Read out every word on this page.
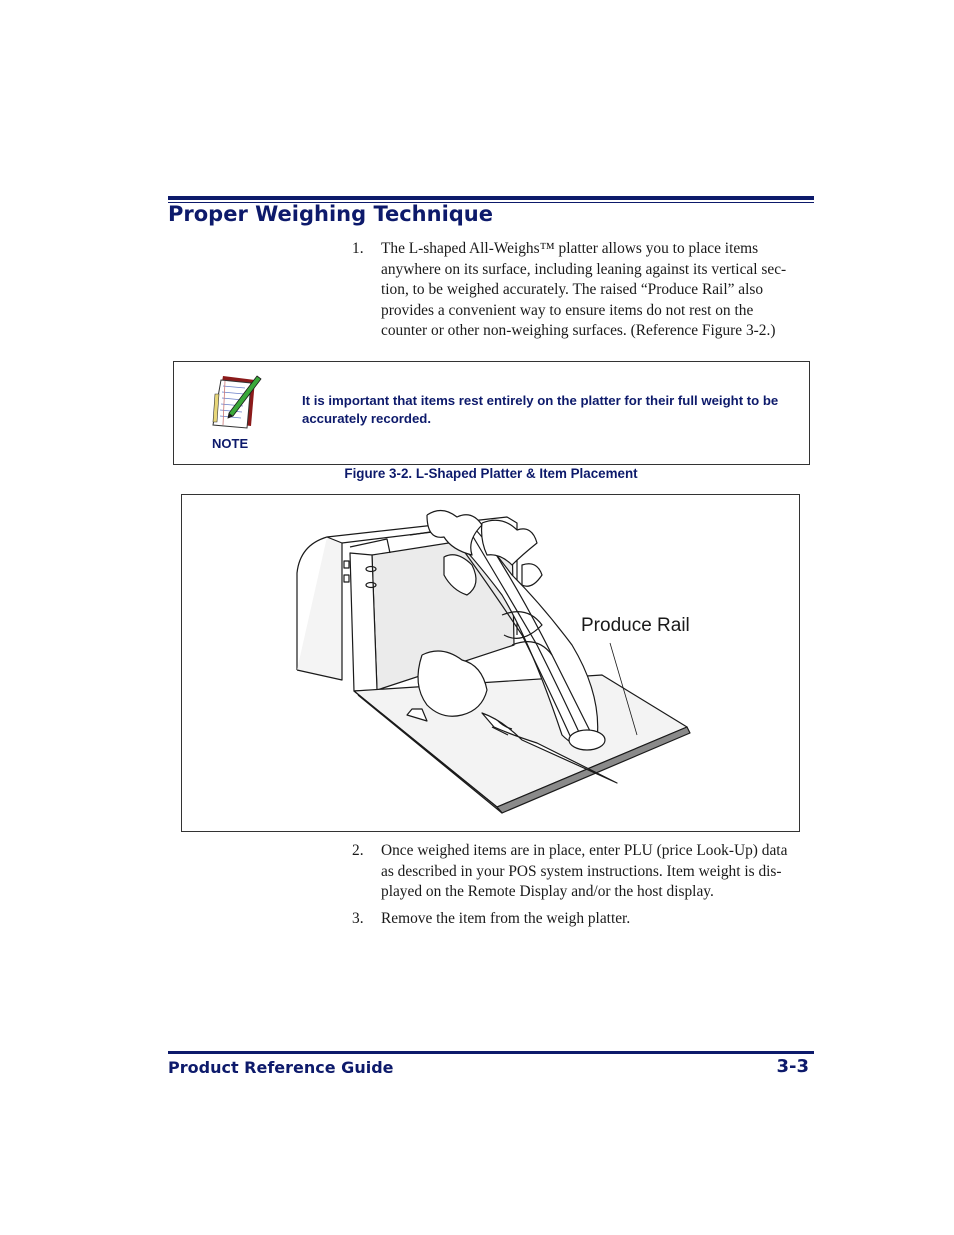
Proper Weighing Technique
1.	The L-shaped All-Weighs™ platter allows you to place items
anywhere on its surface, including leaning against its vertical sec-
tion, to be weighed accurately. The raised “Produce Rail” also
provides a convenient way to ensure items do not rest on the
counter or other non-weighing surfaces. (Reference Figure 3-2.)
NOTE
It is important that items rest entirely on the platter for their full weight to be
accurately recorded.
Figure 3-2. L-Shaped Platter & Item Placement
Produce Rail
2.	Once weighed items are in place, enter PLU (price Look-Up) data
as described in your POS system instructions. Item weight is dis-
played on the Remote Display and/or the host display.
3.	Remove the item from the weigh platter.
Product Reference Guide	3-3
